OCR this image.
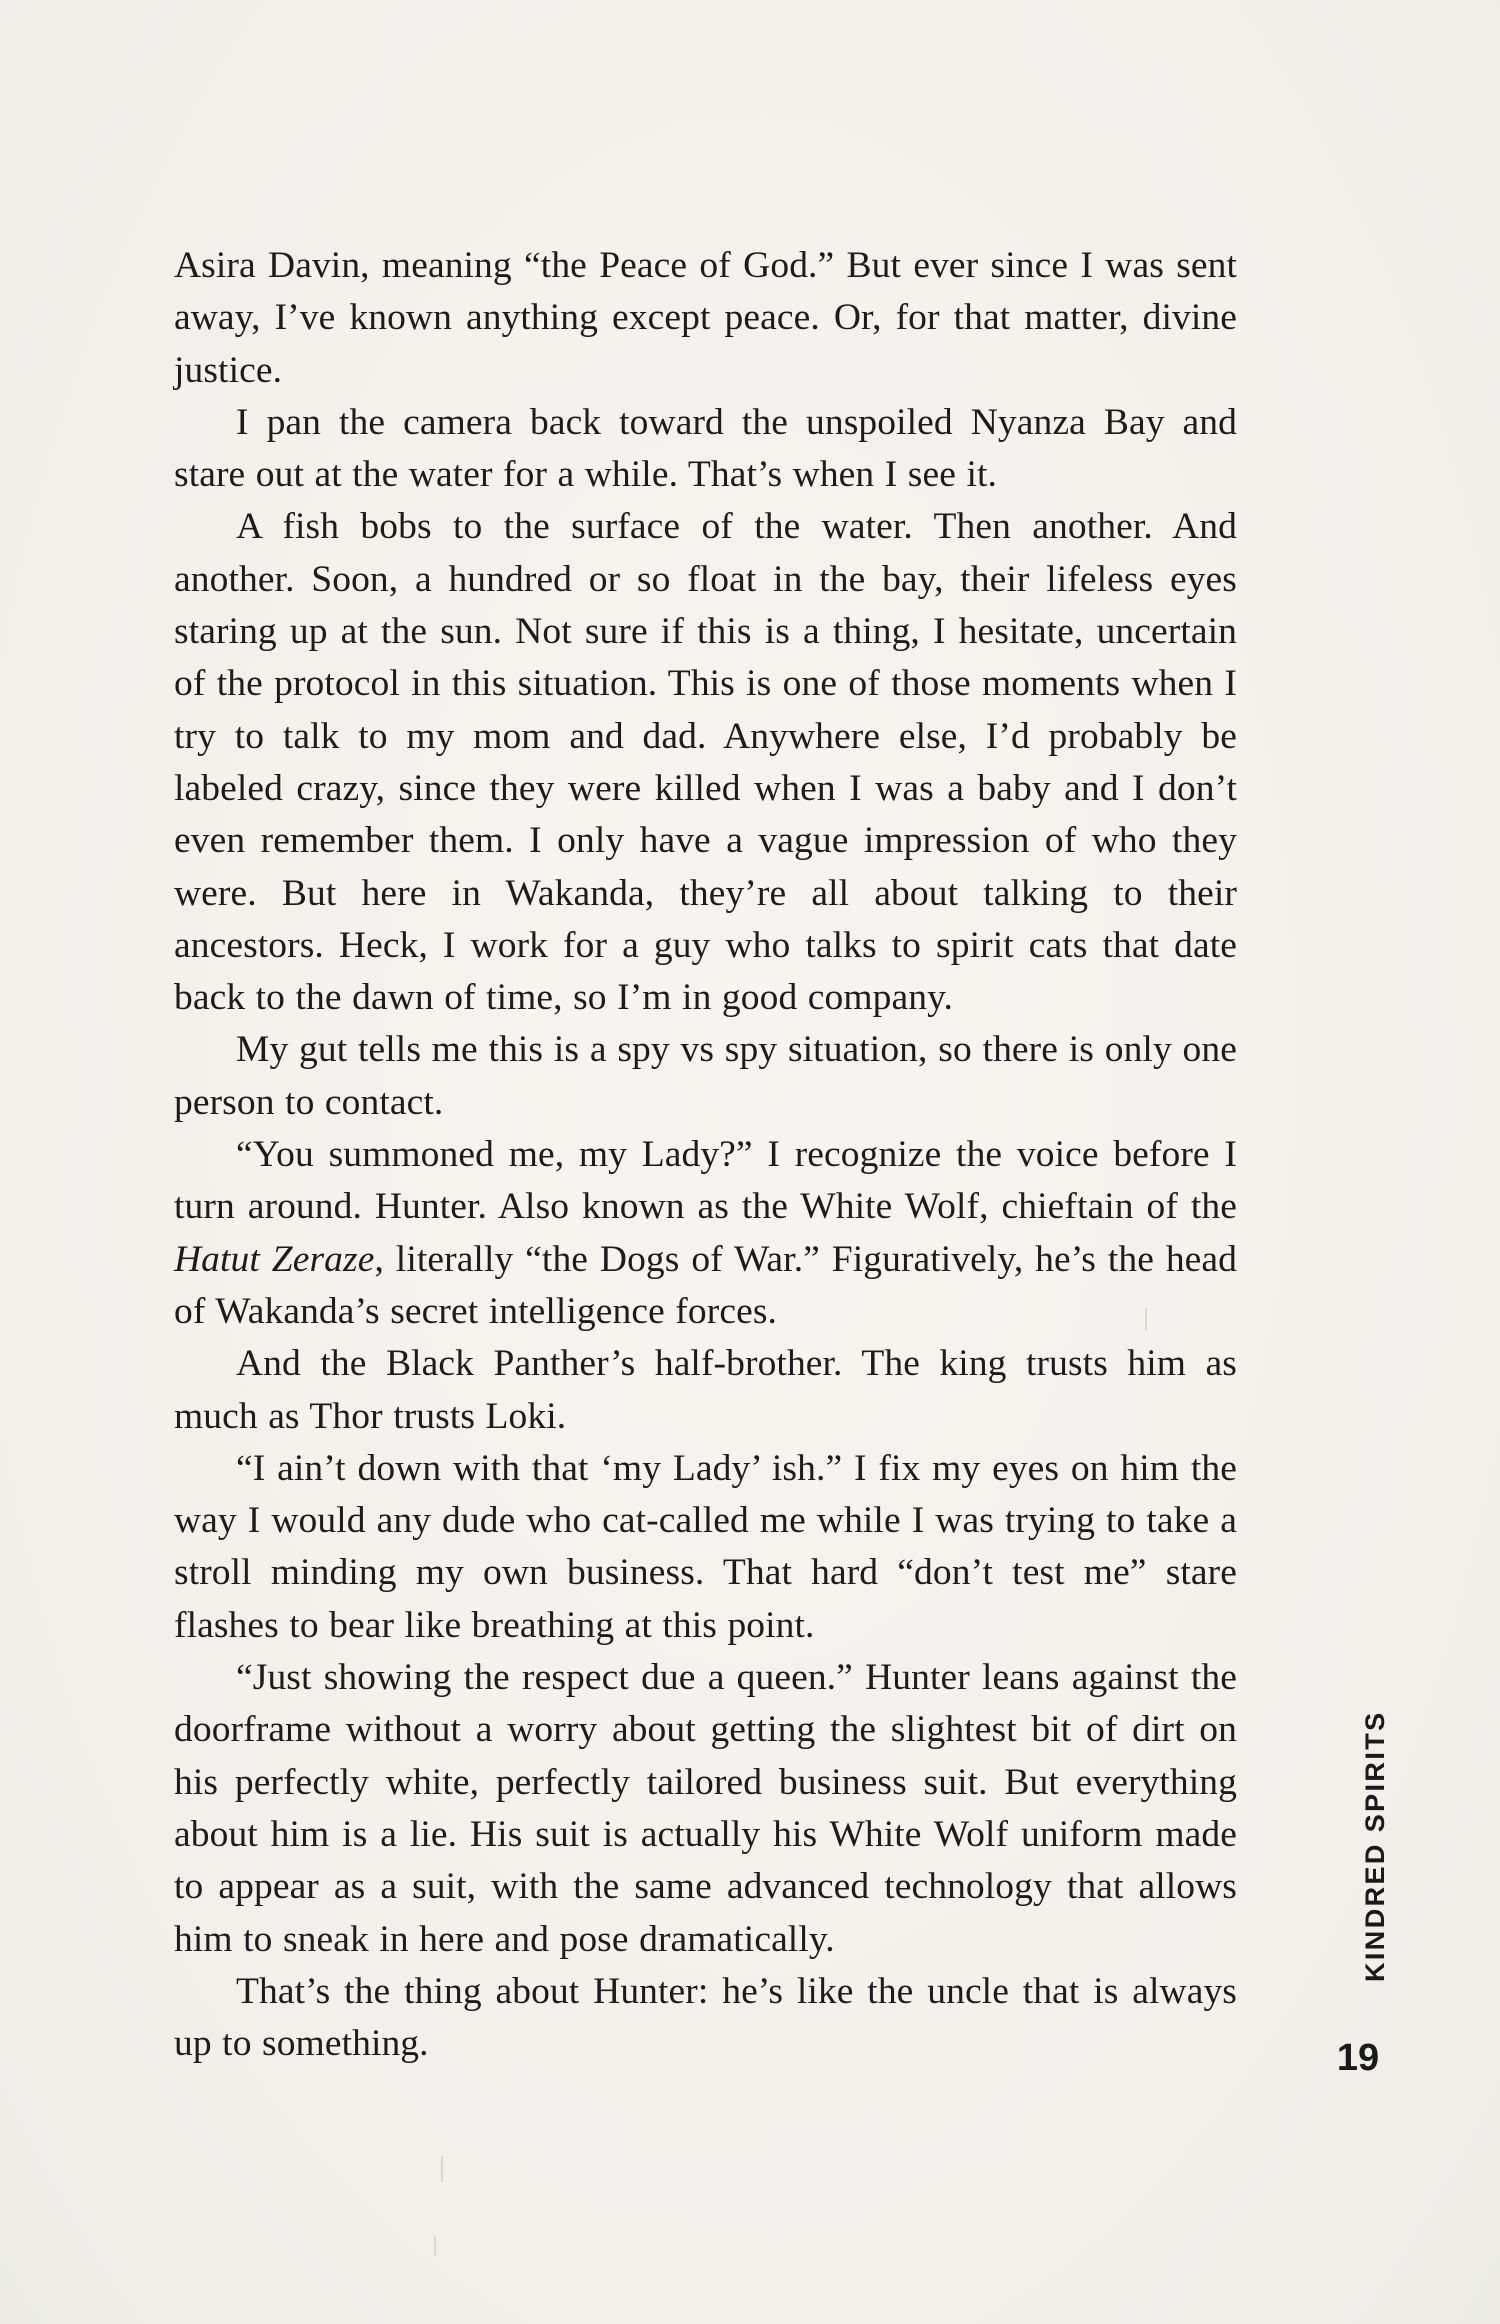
Asira Davin, meaning “the Peace of God.” But ever since I was sent away, I’ve known anything except peace. Or, for that matter, divine justice.

I pan the camera back toward the unspoiled Nyanza Bay and stare out at the water for a while. That’s when I see it.

A fish bobs to the surface of the water. Then another. And another. Soon, a hundred or so float in the bay, their lifeless eyes staring up at the sun. Not sure if this is a thing, I hesitate, uncertain of the protocol in this situation. This is one of those moments when I try to talk to my mom and dad. Anywhere else, I’d probably be labeled crazy, since they were killed when I was a baby and I don’t even remember them. I only have a vague impression of who they were. But here in Wakanda, they’re all about talking to their ancestors. Heck, I work for a guy who talks to spirit cats that date back to the dawn of time, so I’m in good company.

My gut tells me this is a spy vs spy situation, so there is only one person to contact.

“You summoned me, my Lady?” I recognize the voice before I turn around. Hunter. Also known as the White Wolf, chieftain of the Hatut Zeraze, literally “the Dogs of War.” Figuratively, he’s the head of Wakanda’s secret intelligence forces.

And the Black Panther’s half-brother. The king trusts him as much as Thor trusts Loki.

“I ain’t down with that ‘my Lady’ ish.” I fix my eyes on him the way I would any dude who cat-called me while I was trying to take a stroll minding my own business. That hard “don’t test me” stare flashes to bear like breathing at this point.

“Just showing the respect due a queen.” Hunter leans against the doorframe without a worry about getting the slightest bit of dirt on his perfectly white, perfectly tailored business suit. But everything about him is a lie. His suit is actually his White Wolf uniform made to appear as a suit, with the same advanced technology that allows him to sneak in here and pose dramatically.

That’s the thing about Hunter: he’s like the uncle that is always up to something.

KINDRED SPIRITS
19
